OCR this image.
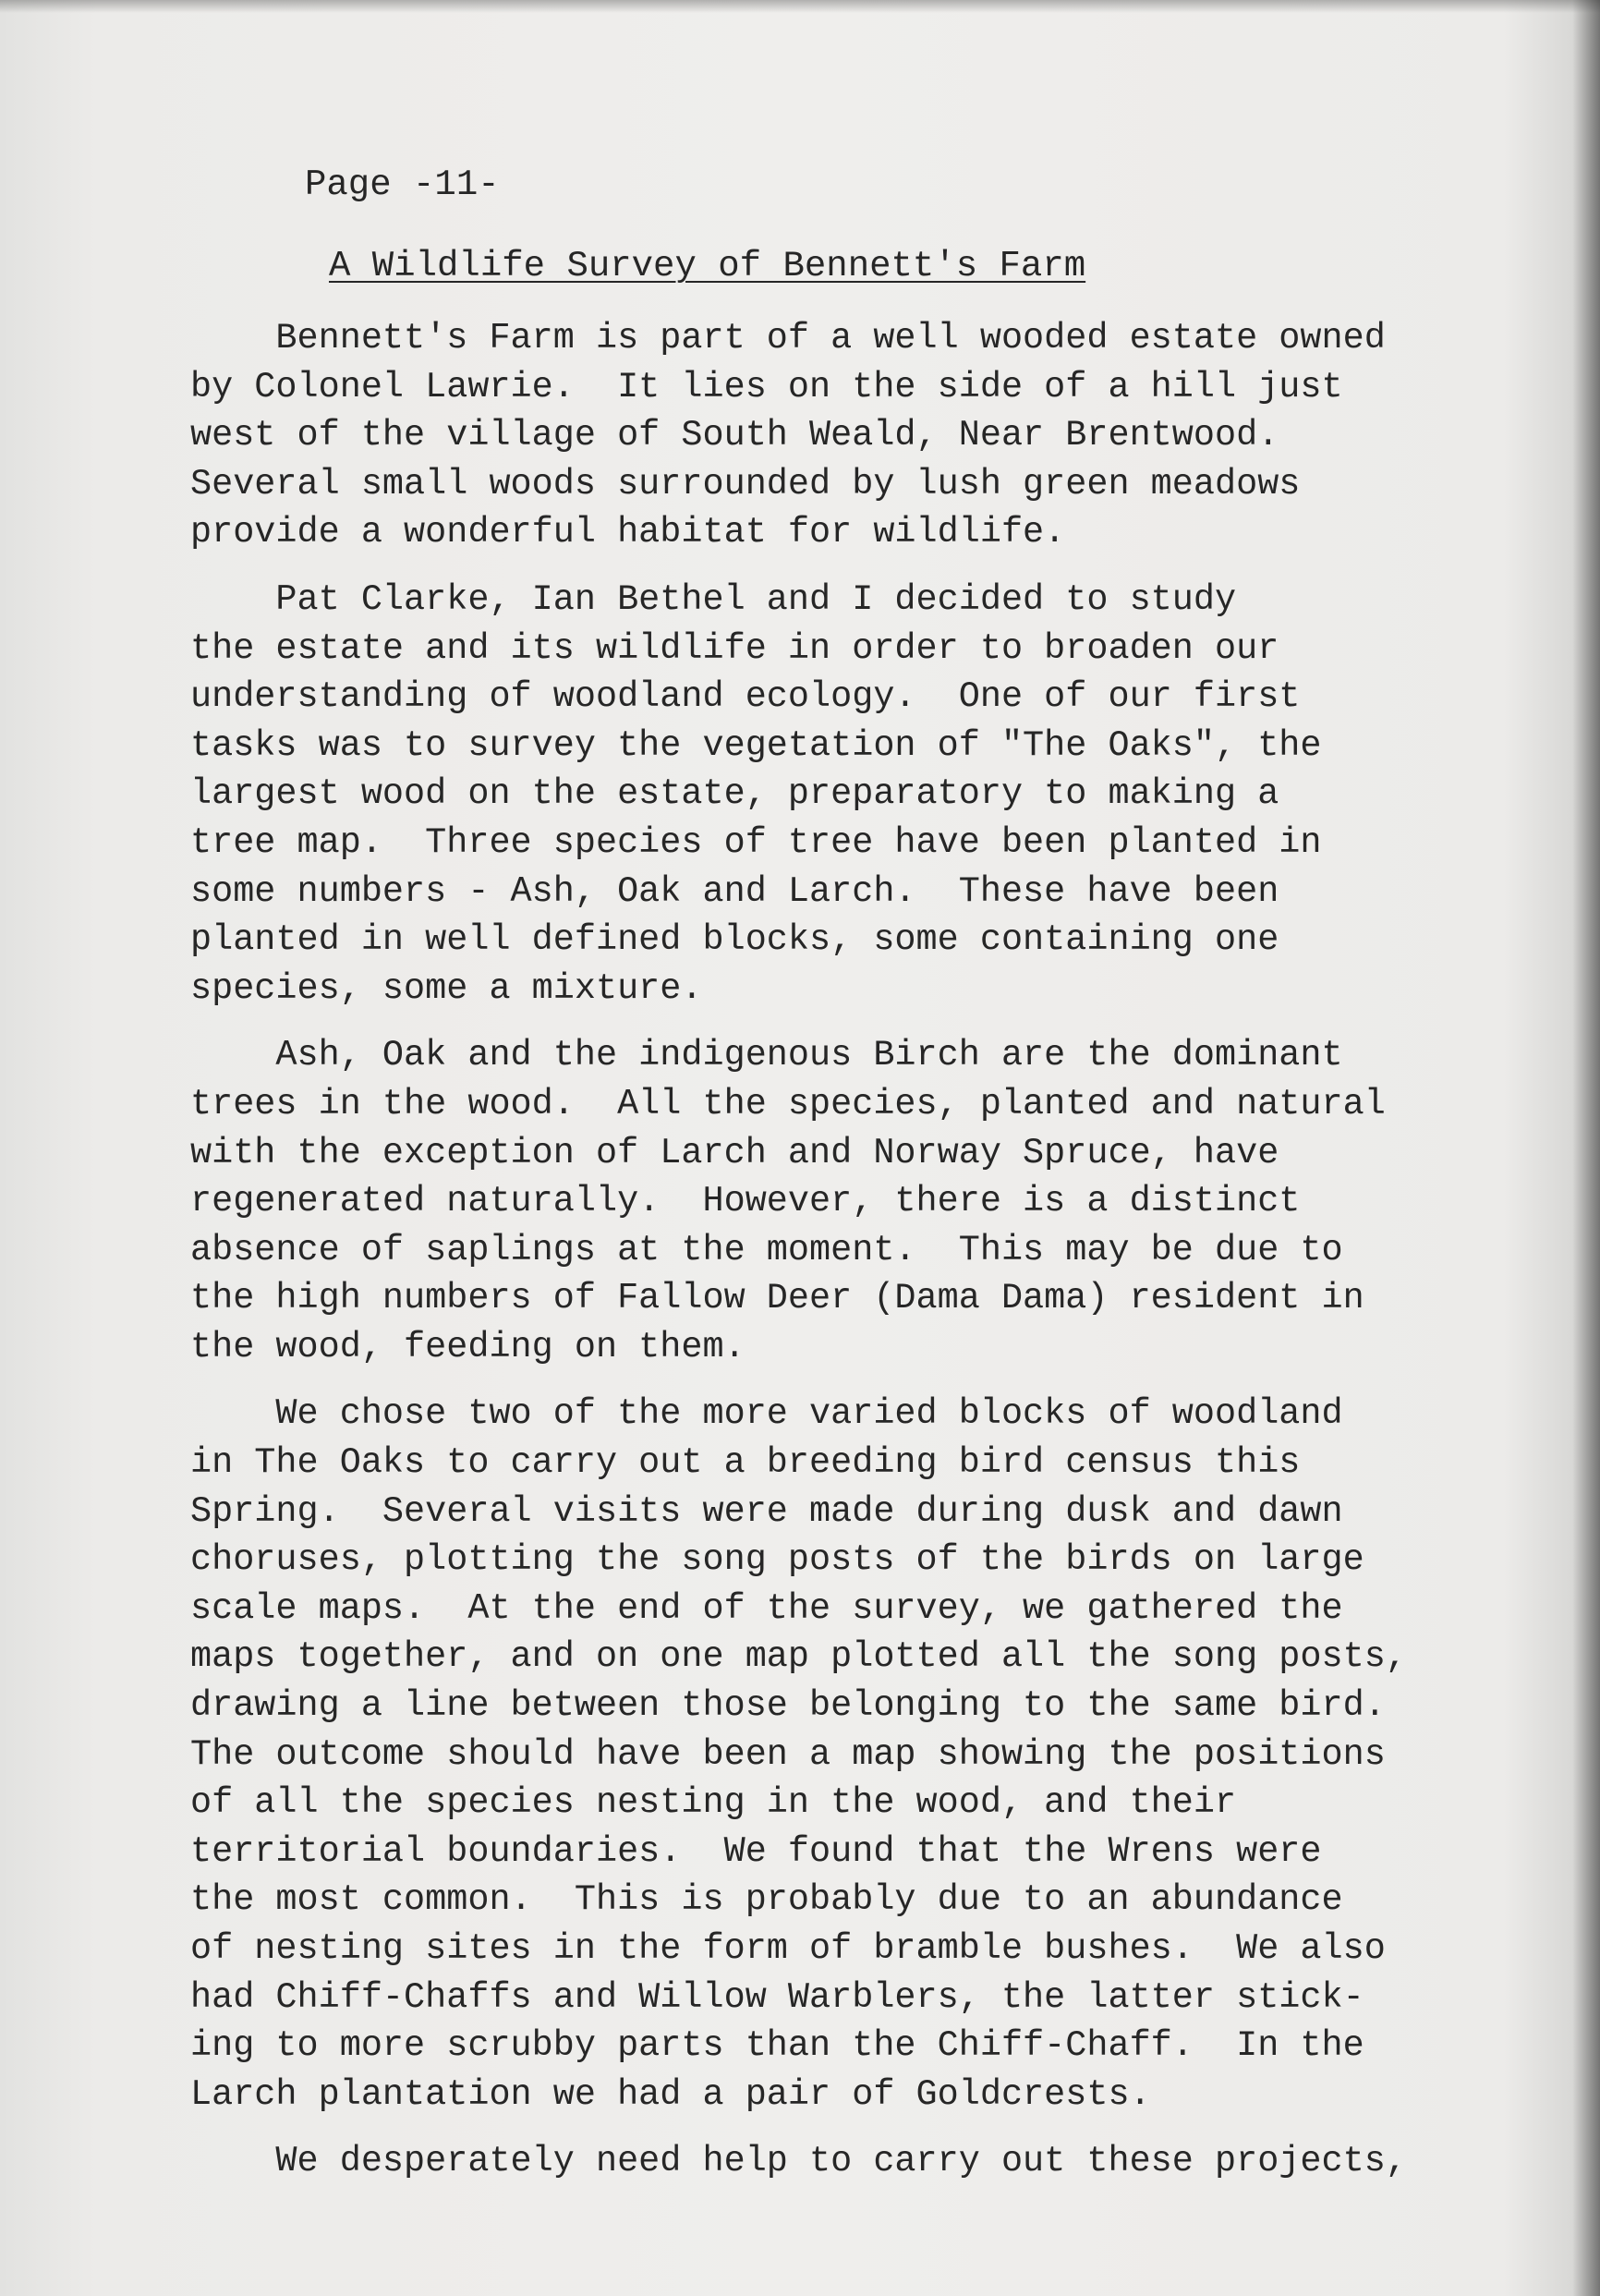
Page -11-
A Wildlife Survey of Bennett's Farm
Bennett's Farm is part of a well wooded estate owned
by Colonel Lawrie.  It lies on the side of a hill just
west of the village of South Weald, Near Brentwood.
Several small woods surrounded by lush green meadows
provide a wonderful habitat for wildlife.
Pat Clarke, Ian Bethel and I decided to study
the estate and its wildlife in order to broaden our
understanding of woodland ecology.  One of our first
tasks was to survey the vegetation of "The Oaks", the
largest wood on the estate, preparatory to making a
tree map.  Three species of tree have been planted in
some numbers - Ash, Oak and Larch.  These have been
planted in well defined blocks, some containing one
species, some a mixture.
Ash, Oak and the indigenous Birch are the dominant
trees in the wood.  All the species, planted and natural
with the exception of Larch and Norway Spruce, have
regenerated naturally.  However, there is a distinct
absence of saplings at the moment.  This may be due to
the high numbers of Fallow Deer (Dama Dama) resident in
the wood, feeding on them.
We chose two of the more varied blocks of woodland
in The Oaks to carry out a breeding bird census this
Spring.  Several visits were made during dusk and dawn
choruses, plotting the song posts of the birds on large
scale maps.  At the end of the survey, we gathered the
maps together, and on one map plotted all the song posts,
drawing a line between those belonging to the same bird.
The outcome should have been a map showing the positions
of all the species nesting in the wood, and their
territorial boundaries.  We found that the Wrens were
the most common.  This is probably due to an abundance
of nesting sites in the form of bramble bushes.  We also
had Chiff-Chaffs and Willow Warblers, the latter stick-
ing to more scrubby parts than the Chiff-Chaff.  In the
Larch plantation we had a pair of Goldcrests.
We desperately need help to carry out these projects,
